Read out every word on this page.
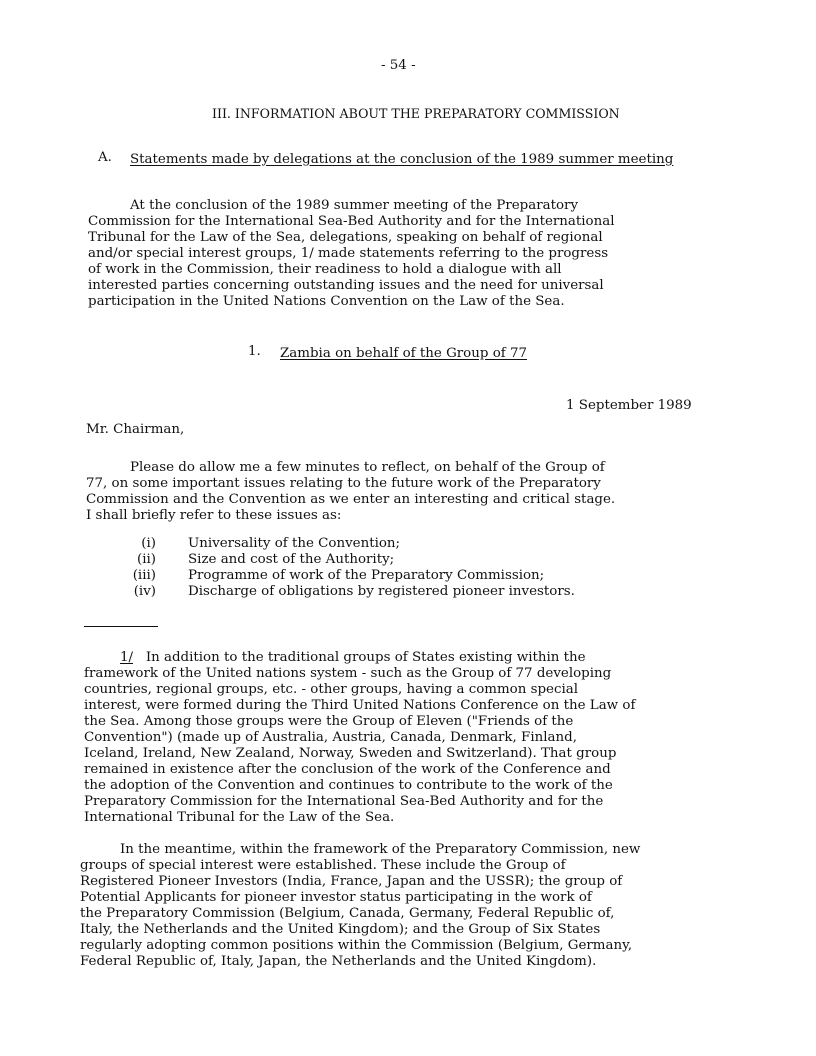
- 54 -
III. INFORMATION ABOUT THE PREPARATORY COMMISSION
A. Statements made by delegations at the conclusion of the 1989 summer meeting
At the conclusion of the 1989 summer meeting of the Preparatory
Commission for the International Sea-Bed Authority and for the International
Tribunal for the Law of the Sea, delegations, speaking on behalf of regional
and/or special interest groups, 1/ made statements referring to the progress
of work in the Commission, their readiness to hold a dialogue with all
interested parties concerning outstanding issues and the need for universal
participation in the United Nations Convention on the Law of the Sea.
1. Zambia on behalf of the Group of 77
1 September 1989
Mr. Chairman,
Please do allow me a few minutes to reflect, on behalf of the Group of
77, on some important issues relating to the future work of the Preparatory
Commission and the Convention as we enter an interesting and critical stage.
I shall briefly refer to these issues as:
(i) Universality of the Convention;
(ii) Size and cost of the Authority;
(iii) Programme of work of the Preparatory Commission;
(iv) Discharge of obligations by registered pioneer investors.
1/ In addition to the traditional groups of States existing within the
framework of the United nations system - such as the Group of 77 developing
countries, regional groups, etc. - other groups, having a common special
interest, were formed during the Third United Nations Conference on the Law of
the Sea. Among those groups were the Group of Eleven ("Friends of the
Convention") (made up of Australia, Austria, Canada, Denmark, Finland,
Iceland, Ireland, New Zealand, Norway, Sweden and Switzerland). That group
remained in existence after the conclusion of the work of the Conference and
the adoption of the Convention and continues to contribute to the work of the
Preparatory Commission for the International Sea-Bed Authority and for the
International Tribunal for the Law of the Sea.
In the meantime, within the framework of the Preparatory Commission, new
groups of special interest were established. These include the Group of
Registered Pioneer Investors (India, France, Japan and the USSR); the group of
Potential Applicants for pioneer investor status participating in the work of
the Preparatory Commission (Belgium, Canada, Germany, Federal Republic of,
Italy, the Netherlands and the United Kingdom); and the Group of Six States
regularly adopting common positions within the Commission (Belgium, Germany,
Federal Republic of, Italy, Japan, the Netherlands and the United Kingdom).
